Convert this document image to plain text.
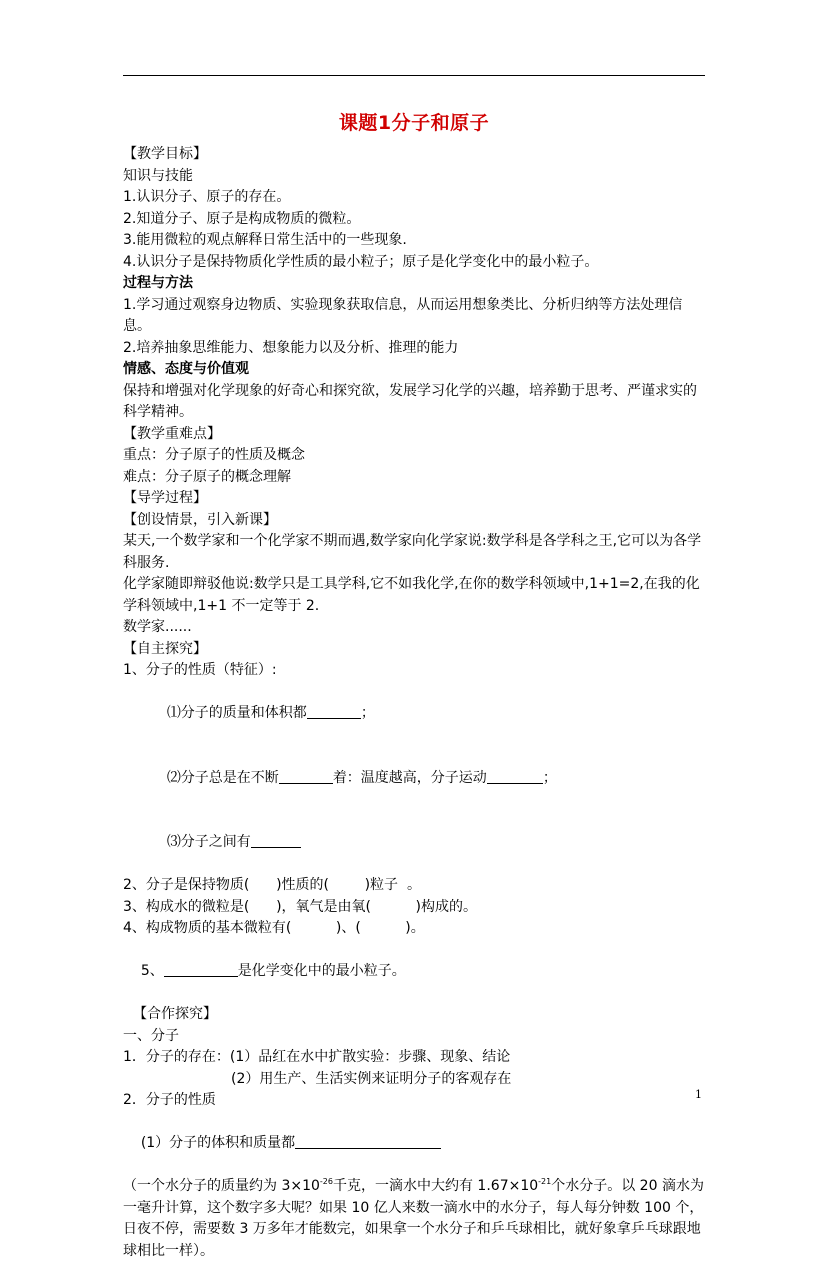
课题1分子和原子
【教学目标】
知识与技能
1.认识分子、原子的存在。
2.知道分子、原子是构成物质的微粒。
3.能用微粒的观点解释日常生活中的一些现象.
4.认识分子是保持物质化学性质的最小粒子；原子是化学变化中的最小粒子。
过程与方法
1.学习通过观察身边物质、实验现象获取信息，从而运用想象类比、分析归纳等方法处理信息。
2.培养抽象思维能力、想象能力以及分析、推理的能力
情感、态度与价值观
保持和增强对化学现象的好奇心和探究欲，发展学习化学的兴趣，培养勤于思考、严谨求实的科学精神。
【教学重难点】
重点：分子原子的性质及概念
难点：分子原子的概念理解
【导学过程】
【创设情景，引入新课】
某天,一个数学家和一个化学家不期而遇,数学家向化学家说:数学科是各学科之王,它可以为各学科服务.
化学家随即辩驳他说:数学只是工具学科,它不如我化学,在你的数学科领域中,1+1=2,在我的化学科领域中,1+1 不一定等于 2.
数学家......
【自主探究】
1、分子的性质（特征）:

⑴分子的质量和体积都	；

⑵分子总是在不断	着：温度越高，分子运动	；

⑶分子之间有

2、分子是保持物质(      )性质的(        )粒子  。
3、构成水的微粒是(      )，氧气是由氧(          )构成的。
4、构成物质的基本微粒有(          )、(          )。

5、	是化学变化中的最小粒子。

【合作探究】
一、分子
1．分子的存在：(1）品红在水中扩散实验：步骤、现象、结论
(2）用生产、生活实例来证明分子的客观存在
2．分子的性质

(1）分子的体积和质量都

（一个水分子的质量约为 $3\times 10^{-26}$千克，一滴水中大约有 $1.67\times 10^{-21}$个水分子。以 20 滴水为一毫升计算，这个数字多大呢？如果 10 亿人来数一滴水中的水分子，每人每分钟数 100 个，日夜不停，需要数 3 万多年才能数完，如果拿一个水分子和乒乓球相比，就好象拿乒乓球跟地球相比一样）。
1
